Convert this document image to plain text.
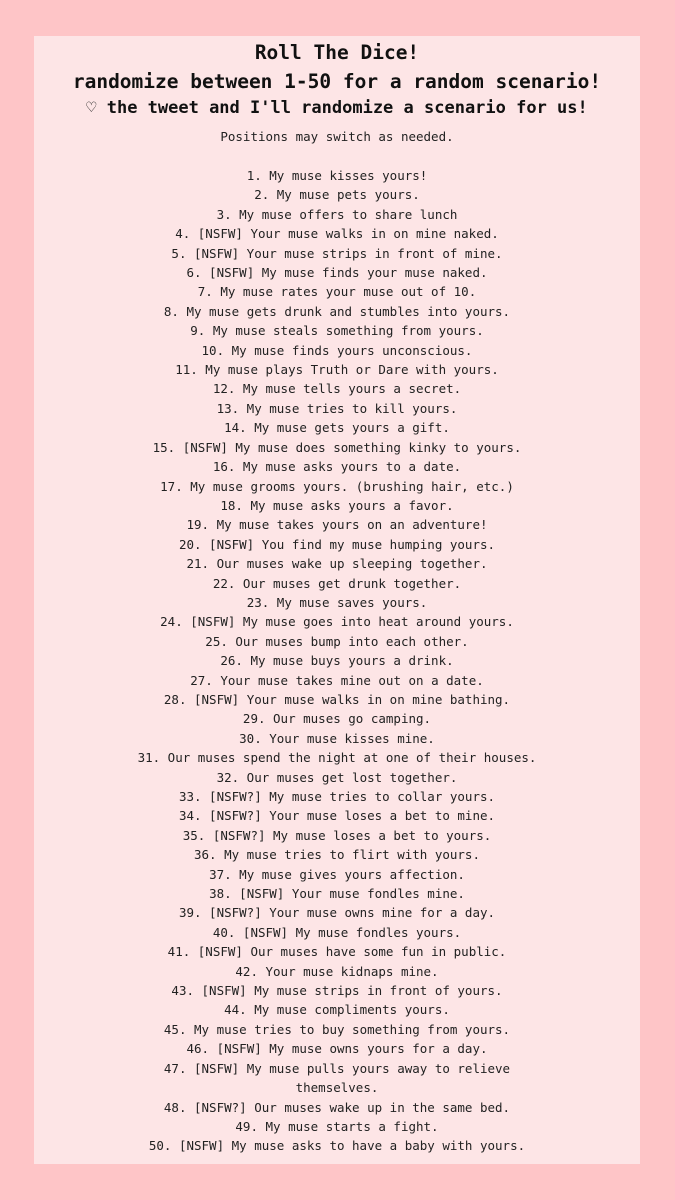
Roll The Dice!
randomize between 1-50 for a random scenario!
♡ the tweet and I'll randomize a scenario for us!
Positions may switch as needed.
1. My muse kisses yours!
2. My muse pets yours.
3. My muse offers to share lunch
4. [NSFW] Your muse walks in on mine naked.
5. [NSFW] Your muse strips in front of mine.
6. [NSFW] My muse finds your muse naked.
7. My muse rates your muse out of 10.
8. My muse gets drunk and stumbles into yours.
9. My muse steals something from yours.
10. My muse finds yours unconscious.
11. My muse plays Truth or Dare with yours.
12. My muse tells yours a secret.
13. My muse tries to kill yours.
14. My muse gets yours a gift.
15. [NSFW] My muse does something kinky to yours.
16. My muse asks yours to a date.
17. My muse grooms yours. (brushing hair, etc.)
18. My muse asks yours a favor.
19. My muse takes yours on an adventure!
20. [NSFW] You find my muse humping yours.
21. Our muses wake up sleeping together.
22. Our muses get drunk together.
23. My muse saves yours.
24. [NSFW] My muse goes into heat around yours.
25. Our muses bump into each other.
26. My muse buys yours a drink.
27. Your muse takes mine out on a date.
28. [NSFW] Your muse walks in on mine bathing.
29. Our muses go camping.
30. Your muse kisses mine.
31. Our muses spend the night at one of their houses.
32. Our muses get lost together.
33. [NSFW?] My muse tries to collar yours.
34. [NSFW?] Your muse loses a bet to mine.
35. [NSFW?] My muse loses a bet to yours.
36. My muse tries to flirt with yours.
37. My muse gives yours affection.
38. [NSFW] Your muse fondles mine.
39. [NSFW?] Your muse owns mine for a day.
40. [NSFW] My muse fondles yours.
41. [NSFW] Our muses have some fun in public.
42. Your muse kidnaps mine.
43. [NSFW] My muse strips in front of yours.
44. My muse compliments yours.
45. My muse tries to buy something from yours.
46. [NSFW] My muse owns yours for a day.
47. [NSFW] My muse pulls yours away to relieve themselves.
48. [NSFW?] Our muses wake up in the same bed.
49. My muse starts a fight.
50. [NSFW] My muse asks to have a baby with yours.
